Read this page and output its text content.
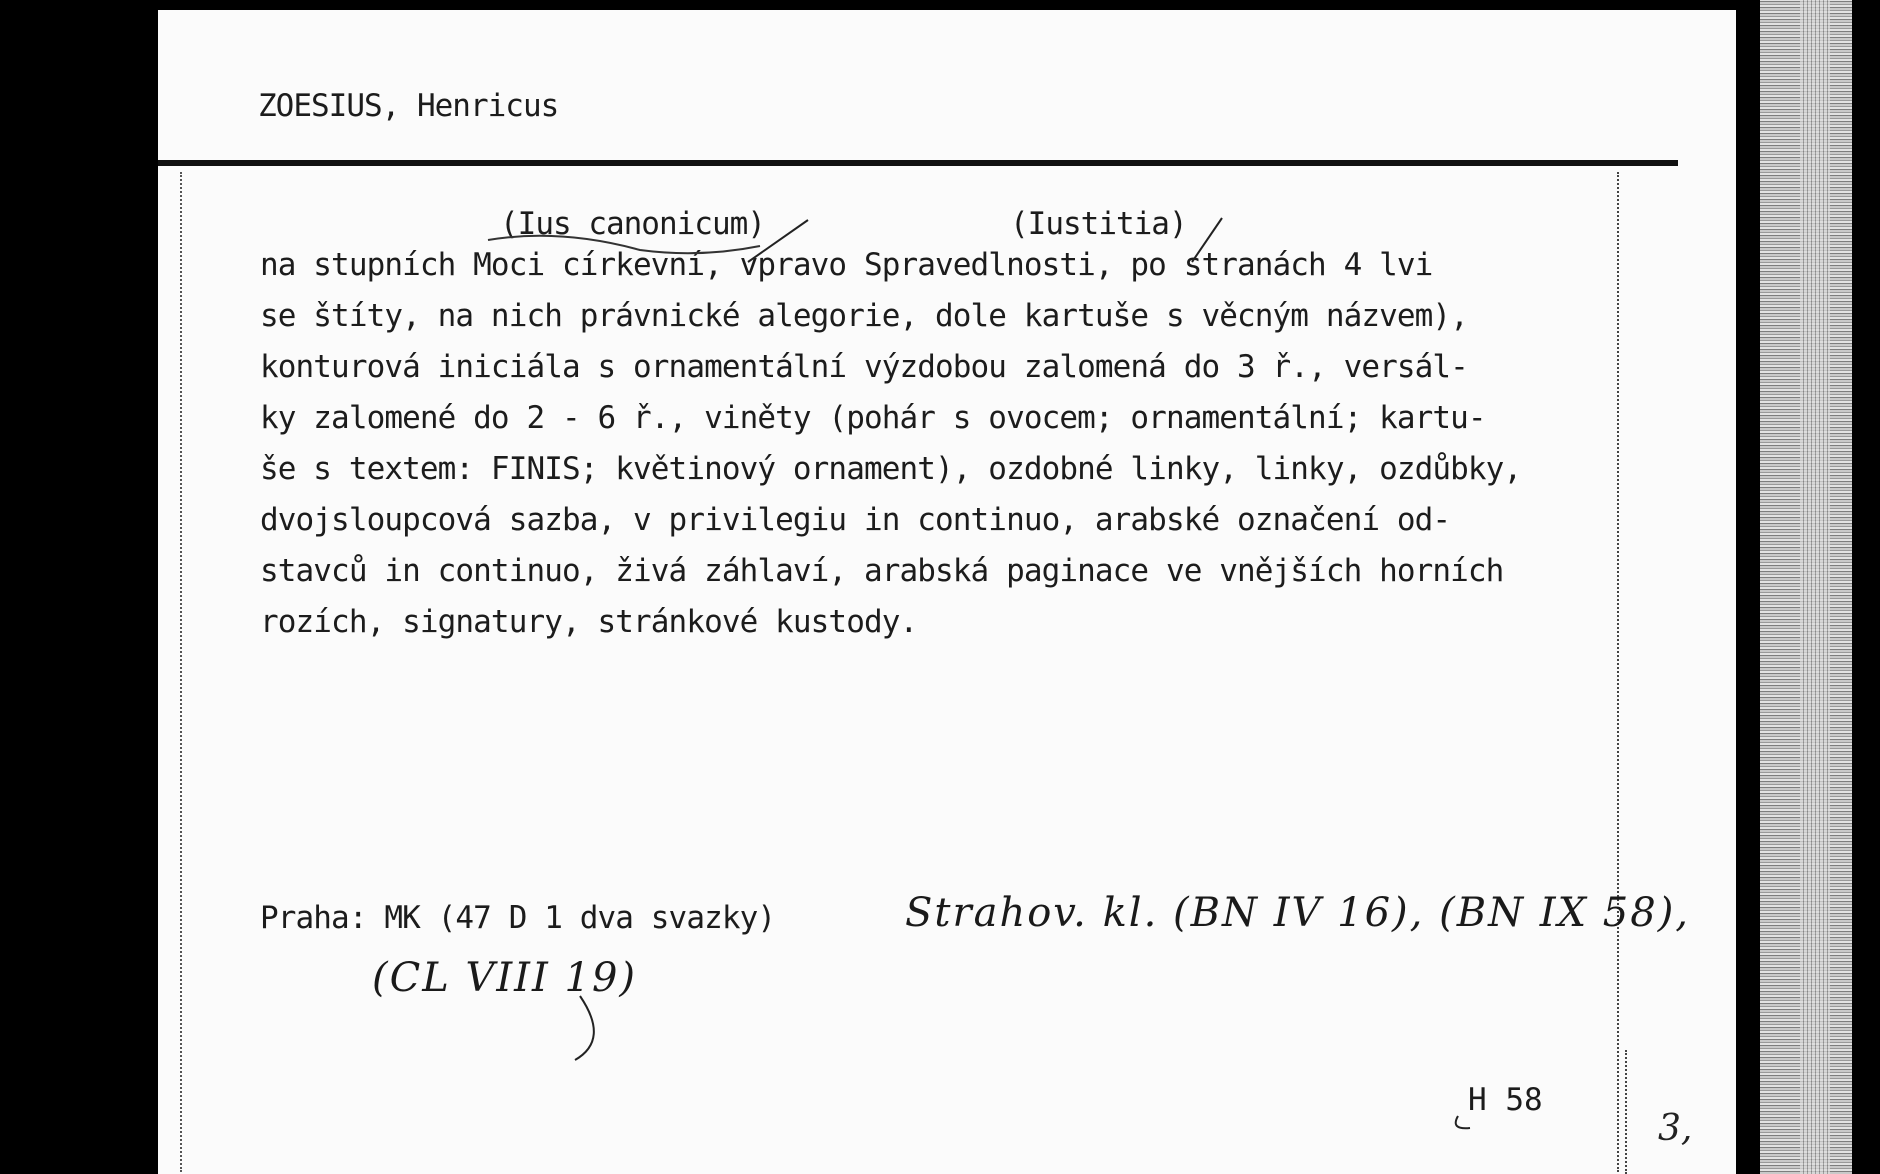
ZOESIUS, Henricus
(Ius canonicum)	(Iustitia)
na stupních Moci církevní, vpravo Spravedlnosti, po stranách 4 lvi
se štíty, na nich právnické alegorie, dole kartuše s věcným názvem),
konturová iniciála s ornamentální výzdobou zalomená do 3 ř., versál-
ky zalomené do 2 - 6 ř., viněty (pohár s ovocem; ornamentální; kartu-
še s textem: FINIS; květinový ornament), ozdobné linky, linky, ozdůbky,
dvojsloupcová sazba, v privilegiu in continuo, arabské označení od-
stavců in continuo, živá záhlaví, arabská paginace ve vnějších horních
rozích, signatury, stránkové kustody.
Praha: MK (47 D 1 dva svazky)	Strahov. kl. (BN IV 16), (BN IX 58),
(CL VIII 19)
H 58
3,
